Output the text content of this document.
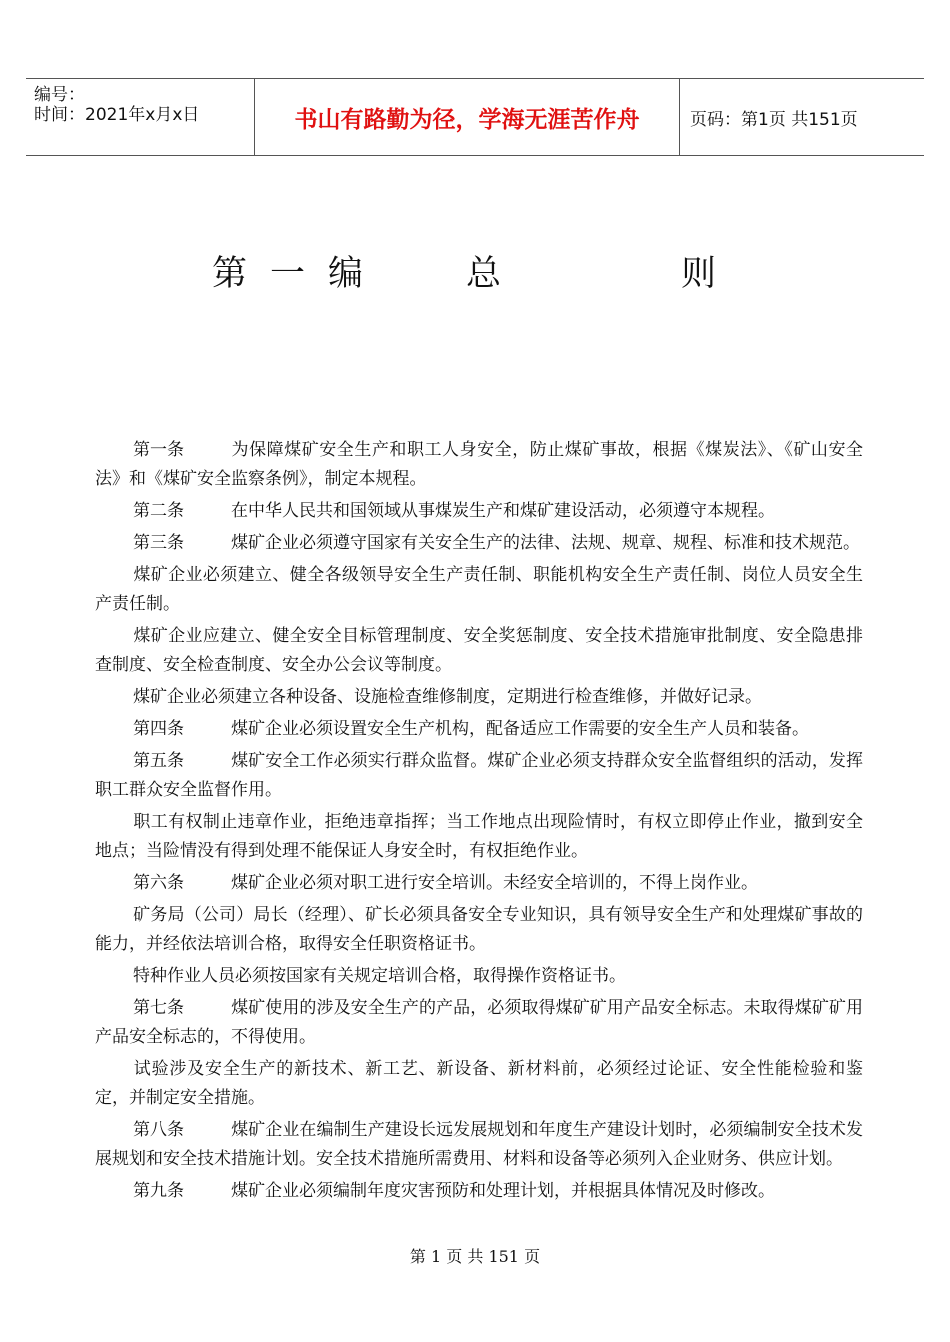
编号：
时间：2021年x月x日	书山有路勤为径，学海无涯苦作舟	页码：第1页 共151页
第 一 编	总	则
第一条	为保障煤矿安全生产和职工人身安全，防止煤矿事故，根据《煤炭法》、《矿山安全法》和《煤矿安全监察条例》，制定本规程。
第二条	在中华人民共和国领域从事煤炭生产和煤矿建设活动，必须遵守本规程。
第三条	煤矿企业必须遵守国家有关安全生产的法律、法规、规章、规程、标准和技术规范。
煤矿企业必须建立、健全各级领导安全生产责任制、职能机构安全生产责任制、岗位人员安全生产责任制。
煤矿企业应建立、健全安全目标管理制度、安全奖惩制度、安全技术措施审批制度、安全隐患排查制度、安全检查制度、安全办公会议等制度。
煤矿企业必须建立各种设备、设施检查维修制度，定期进行检查维修，并做好记录。
第四条	煤矿企业必须设置安全生产机构，配备适应工作需要的安全生产人员和装备。
第五条	煤矿安全工作必须实行群众监督。煤矿企业必须支持群众安全监督组织的活动，发挥职工群众安全监督作用。
职工有权制止违章作业，拒绝违章指挥；当工作地点出现险情时，有权立即停止作业，撤到安全地点；当险情没有得到处理不能保证人身安全时，有权拒绝作业。
第六条	煤矿企业必须对职工进行安全培训。未经安全培训的，不得上岗作业。
矿务局（公司）局长（经理）、矿长必须具备安全专业知识，具有领导安全生产和处理煤矿事故的能力，并经依法培训合格，取得安全任职资格证书。
特种作业人员必须按国家有关规定培训合格，取得操作资格证书。
第七条	煤矿使用的涉及安全生产的产品，必须取得煤矿矿用产品安全标志。未取得煤矿矿用产品安全标志的，不得使用。
试验涉及安全生产的新技术、新工艺、新设备、新材料前，必须经过论证、安全性能检验和鉴定，并制定安全措施。
第八条	煤矿企业在编制生产建设长远发展规划和年度生产建设计划时，必须编制安全技术发展规划和安全技术措施计划。安全技术措施所需费用、材料和设备等必须列入企业财务、供应计划。
第九条	煤矿企业必须编制年度灾害预防和处理计划，并根据具体情况及时修改。
第 1 页 共 151 页
